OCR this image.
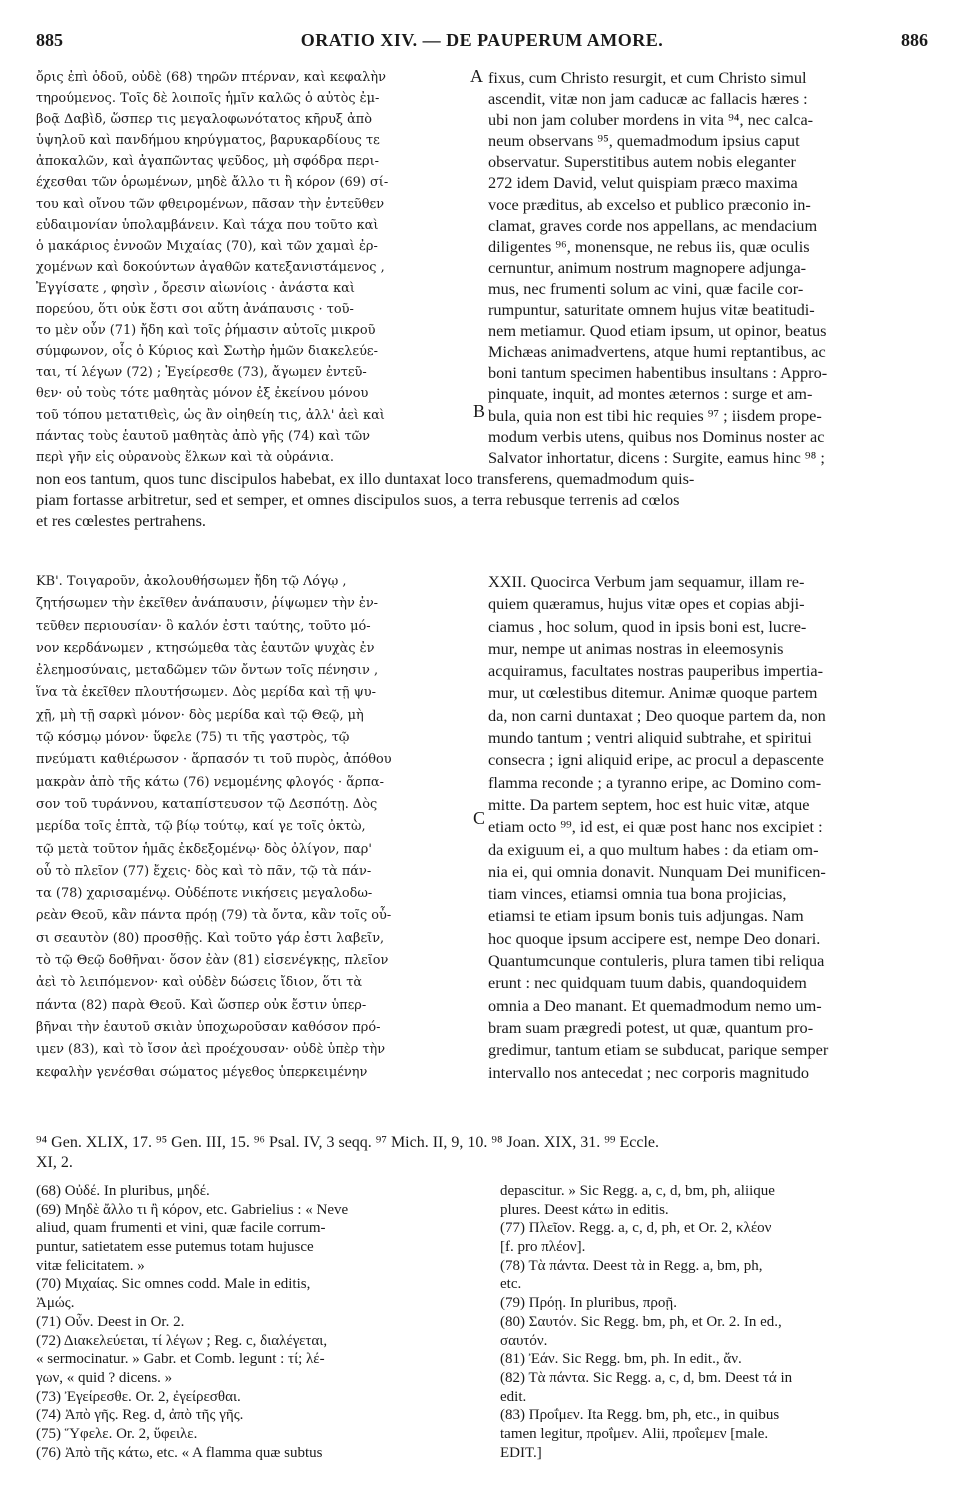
885	ORATIO XIV. — DE PAUPERUM AMORE.	886
ὄρις ἐπὶ ὁδοῦ, οὐδὲ (68) τηρῶν πτέρναν, καὶ κεφαλὴν
τηρούμενος. Τοῖς δὲ λοιποῖς ἡμῖν καλῶς ὁ αὐτὸς ἐμ-
βοᾷ Δαβὶδ, ὥσπερ τις μεγαλοφωνότατος κῆρυξ ἀπὸ
ὑψηλοῦ καὶ πανδήμου κηρύγματος, βαρυκαρδίους τε
ἀποκαλῶν, καὶ ἀγαπῶντας ψεῦδος, μὴ σφόδρα περι-
έχεσθαι τῶν ὁρωμένων, μηδὲ ἄλλο τι ἢ κόρον (69) σί-
του καὶ οἴνου τῶν φθειρομένων, πᾶσαν τὴν ἐντεῦθεν
εὐδαιμονίαν ὑπολαμβάνειν. Καὶ τάχα που τοῦτο καὶ
ὁ μακάριος ἐννοῶν Μιχαίας (70), καὶ τῶν χαμαὶ ἐρ-
χομένων καὶ δοκούντων ἀγαθῶν κατεξανιστάμενος ,
Ἐγγίσατε , φησὶν , ὄρεσιν αἰωνίοις · ἀνάστα καὶ
πορεύου, ὅτι οὐκ ἔστι σοι αὕτη ἀνάπαυσις · τοῦ-
το μὲν οὖν (71) ἤδη καὶ τοῖς ῥήμασιν αὐτοῖς μικροῦ
σύμφωνον, οἷς ὁ Κύριος καὶ Σωτὴρ ἡμῶν διακελεύε-
ται, τί λέγων (72) ; Ἐγείρεσθε (73), ἄγωμεν ἐντεῦ-
θεν· οὐ τοὺς τότε μαθητὰς μόνον ἐξ ἐκείνου μόνου
τοῦ τόπου μετατιθεὶς, ὡς ἂν οἰηθείη τις, ἀλλ' ἀεὶ καὶ
πάντας τοὺς ἑαυτοῦ μαθητὰς ἀπὸ γῆς (74) καὶ τῶν
περὶ γῆν εἰς οὐρανοὺς ἕλκων καὶ τὰ οὐράνια.
fixus, cum Christo resurgit, et cum Christo simul
ascendit, vitæ non jam caducæ ac fallacis hæres :
ubi non jam coluber mordens in vita ⁹⁴, nec calca-
neum observans ⁹⁵, quemadmodum ipsius caput
observatur. Superstitibus autem nobis eleganter
272 idem David, velut quispiam præco maxima
voce præditus, ab excelso et publico præconio in-
clamat, graves corde nos appellans, ac mendacium
diligentes ⁹⁶, monensque, ne rebus iis, quæ oculis
cernuntur, animum nostrum magnopere adjunga-
mus, nec frumenti solum ac vini, quæ facile cor-
rumpuntur, saturitate omnem hujus vitæ beatitudi-
nem metiamur. Quod etiam ipsum, ut opinor, beatus
Michæas animadvertens, atque humi reptantibus, ac
boni tantum specimen habentibus insultans : Appro-
pinquate, inquit, ad montes æternos : surge et am-
bula, quia non est tibi hic requies ⁹⁷ ; iisdem prope-
modum verbis utens, quibus nos Dominus noster ac
Salvator inhortatur, dicens : Surgite, eamus hinc ⁹⁸ ;
A
B
C
non eos tantum, quos tunc discipulos habebat, ex illo duntaxat loco transferens, quemadmodum quis-
piam fortasse arbitretur, sed et semper, et omnes discipulos suos, a terra rebusque terrenis ad cœlos
et res cœlestes pertrahens.
ΚΒ'. Τοιγαροῦν, ἀκολουθήσωμεν ἤδη τῷ Λόγῳ ,
ζητήσωμεν τὴν ἐκεῖθεν ἀνάπαυσιν, ῥίψωμεν τὴν ἐν-
τεῦθεν περιουσίαν· ὃ καλόν ἐστι ταύτης, τοῦτο μό-
νον κερδάνωμεν , κτησώμεθα τὰς ἑαυτῶν ψυχὰς ἐν
ἐλεημοσύναις, μεταδῶμεν τῶν ὄντων τοῖς πένησιν ,
ἵνα τὰ ἐκεῖθεν πλουτήσωμεν. Δὸς μερίδα καὶ τῇ ψυ-
χῇ, μὴ τῇ σαρκὶ μόνον· δὸς μερίδα καὶ τῷ Θεῷ, μὴ
τῷ κόσμῳ μόνον· ὕφελε (75) τι τῆς γαστρὸς, τῷ
πνεύματι καθιέρωσον · ἅρπασόν τι τοῦ πυρὸς, ἀπόθου
μακρὰν ἀπὸ τῆς κάτω (76) νεμομένης φλογός · ἅρπα-
σον τοῦ τυράννου, καταπίστευσον τῷ Δεσπότῃ. Δὸς
μερίδα τοῖς ἑπτὰ, τῷ βίῳ τούτῳ, καί γε τοῖς ὀκτὼ,
τῷ μετὰ τοῦτον ἡμᾶς ἐκδεξομένῳ· δὸς ὀλίγον, παρ'
οὗ τὸ πλεῖον (77) ἔχεις· δὸς καὶ τὸ πᾶν, τῷ τὰ πάν-
τα (78) χαρισαμένῳ. Οὐδέποτε νικήσεις μεγαλοδω-
ρεὰν Θεοῦ, κἂν πάντα πρόῃ (79) τὰ ὄντα, κἂν τοῖς οὖ-
σι σεαυτὸν (80) προσθῇς. Καὶ τοῦτο γάρ ἐστι λαβεῖν,
τὸ τῷ Θεῷ δοθῆναι· ὅσον ἐὰν (81) εἰσενέγκῃς, πλεῖον
ἀεὶ τὸ λειπόμενον· καὶ οὐδὲν δώσεις ἴδιον, ὅτι τὰ
πάντα (82) παρὰ Θεοῦ. Καὶ ὥσπερ οὐκ ἔστιν ὑπερ-
βῆναι τὴν ἑαυτοῦ σκιὰν ὑποχωροῦσαν καθόσον πρό-
ιμεν (83), καὶ τὸ ἴσον ἀεὶ προέχουσαν· οὐδὲ ὑπὲρ τὴν
κεφαλὴν γενέσθαι σώματος μέγεθος ὑπερκειμένην
XXII. Quocirca Verbum jam sequamur, illam re-
quiem quæramus, hujus vitæ opes et copias abji-
ciamus , hoc solum, quod in ipsis boni est, lucre-
mur, nempe ut animas nostras in eleemosynis
acquiramus, facultates nostras pauperibus impertia-
mur, ut cœlestibus ditemur. Animæ quoque partem
da, non carni duntaxat ; Deo quoque partem da, non
mundo tantum ; ventri aliquid subtrahe, et spiritui
consecra ; igni aliquid eripe, ac procul a depascente
flamma reconde ; a tyranno eripe, ac Domino com-
mitte. Da partem septem, hoc est huic vitæ, atque
etiam octo ⁹⁹, id est, ei quæ post hanc nos excipiet :
da exiguum ei, a quo multum habes : da etiam om-
nia ei, qui omnia donavit. Nunquam Dei munificen-
tiam vinces, etiamsi omnia tua bona projicias,
etiamsi te etiam ipsum bonis tuis adjungas. Nam
hoc quoque ipsum accipere est, nempe Deo donari.
Quantumcunque contuleris, plura tamen tibi reliqua
erunt : nec quidquam tuum dabis, quandoquidem
omnia a Deo manant. Et quemadmodum nemo um-
bram suam prægredi potest, ut quæ, quantum pro-
gredimur, tantum etiam se subducat, parique semper
intervallo nos antecedat ; nec corporis magnitudo
⁹⁴ Gen. XLIX, 17. ⁹⁵ Gen. III, 15. ⁹⁶ Psal. IV, 3 seqq. ⁹⁷ Mich. II, 9, 10. ⁹⁸ Joan. XIX, 31. ⁹⁹ Eccle.
XI, 2.
(68) Οὐδέ. In pluribus, μηδέ.
(69) Μηδὲ ἄλλο τι ἢ κόρον, etc. Gabrielius : « Neve
aliud, quam frumenti et vini, quæ facile corrum-
puntur, satietatem esse putemus totam hujusce
vitæ felicitatem. »
(70) Μιχαίας. Sic omnes codd. Male in editis,
Ἀμώς.
(71) Οὖν. Deest in Or. 2.
(72) Διακελεύεται, τί λέγων ; Reg. c, διαλέγεται,
« sermocinatur. » Gabr. et Comb. legunt : τί; λέ-
γων, « quid ? dicens. »
(73) Ἐγείρεσθε. Or. 2, ἐγείρεσθαι.
(74) Ἀπὸ γῆς. Reg. d, ἀπὸ τῆς γῆς.
(75) Ὕφελε. Or. 2, ὕφειλε.
(76) Ἀπὸ τῆς κάτω, etc. « A flamma quæ subtus
depascitur. » Sic Regg. a, c, d, bm, ph, aliique
plures. Deest κάτω in editis.
(77) Πλεῖον. Regg. a, c, d, ph, et Or. 2, κλέον
[f. pro πλέον].
(78) Τὰ πάντα. Deest τὰ in Regg. a, bm, ph,
etc.
(79) Πρόῃ. In pluribus, προῇ.
(80) Σαυτόν. Sic Regg. bm, ph, et Or. 2. In ed.,
σαυτόν.
(81) Ἐάν. Sic Regg. bm, ph. In edit., ἄν.
(82) Τὰ πάντα. Sic Regg. a, c, d, bm. Deest τά in
edit.
(83) Προΐμεν. Ita Regg. bm, ph, etc., in quibus
tamen legitur, προΐμεν. Alii, προΐεμεν [male.
EDIT.]
